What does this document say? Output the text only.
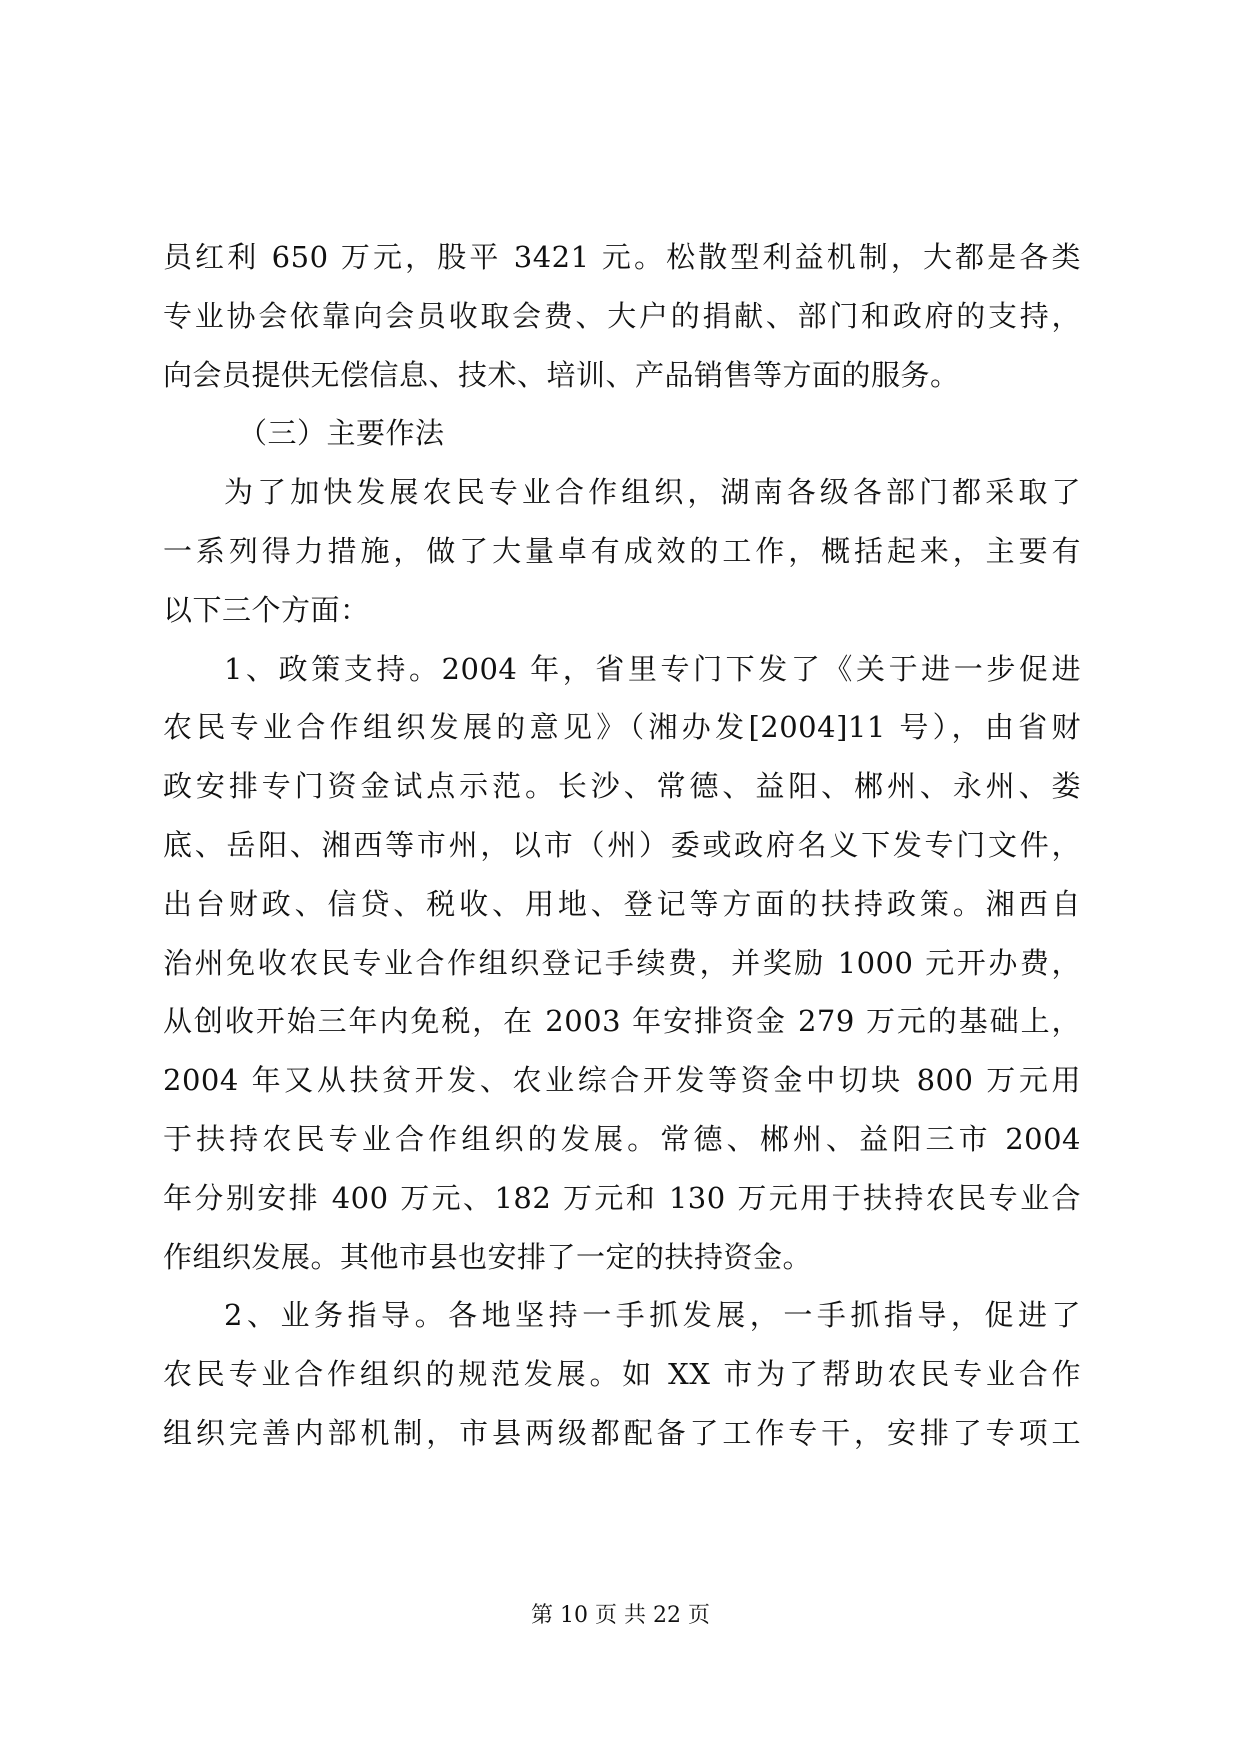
员红利 650 万元，股平 3421 元。松散型利益机制，大都是各类
专业协会依靠向会员收取会费、大户的捐献、部门和政府的支持，
向会员提供无偿信息、技术、培训、产品销售等方面的服务。
（三）主要作法
为了加快发展农民专业合作组织，湖南各级各部门都采取了
一系列得力措施，做了大量卓有成效的工作，概括起来，主要有
以下三个方面：
1、政策支持。2004 年，省里专门下发了《关于进一步促进
农民专业合作组织发展的意见》（湘办发[2004]11 号），由省财
政安排专门资金试点示范。长沙、常德、益阳、郴州、永州、娄
底、岳阳、湘西等市州，以市（州）委或政府名义下发专门文件，
出台财政、信贷、税收、用地、登记等方面的扶持政策。湘西自
治州免收农民专业合作组织登记手续费，并奖励 1000 元开办费，
从创收开始三年内免税，在 2003 年安排资金 279 万元的基础上，
2004 年又从扶贫开发、农业综合开发等资金中切块 800 万元用
于扶持农民专业合作组织的发展。常德、郴州、益阳三市 2004
年分别安排 400 万元、182 万元和 130 万元用于扶持农民专业合
作组织发展。其他市县也安排了一定的扶持资金。
2、业务指导。各地坚持一手抓发展，一手抓指导，促进了
农民专业合作组织的规范发展。如 XX 市为了帮助农民专业合作
组织完善内部机制，市县两级都配备了工作专干，安排了专项工
第 10 页 共 22 页
